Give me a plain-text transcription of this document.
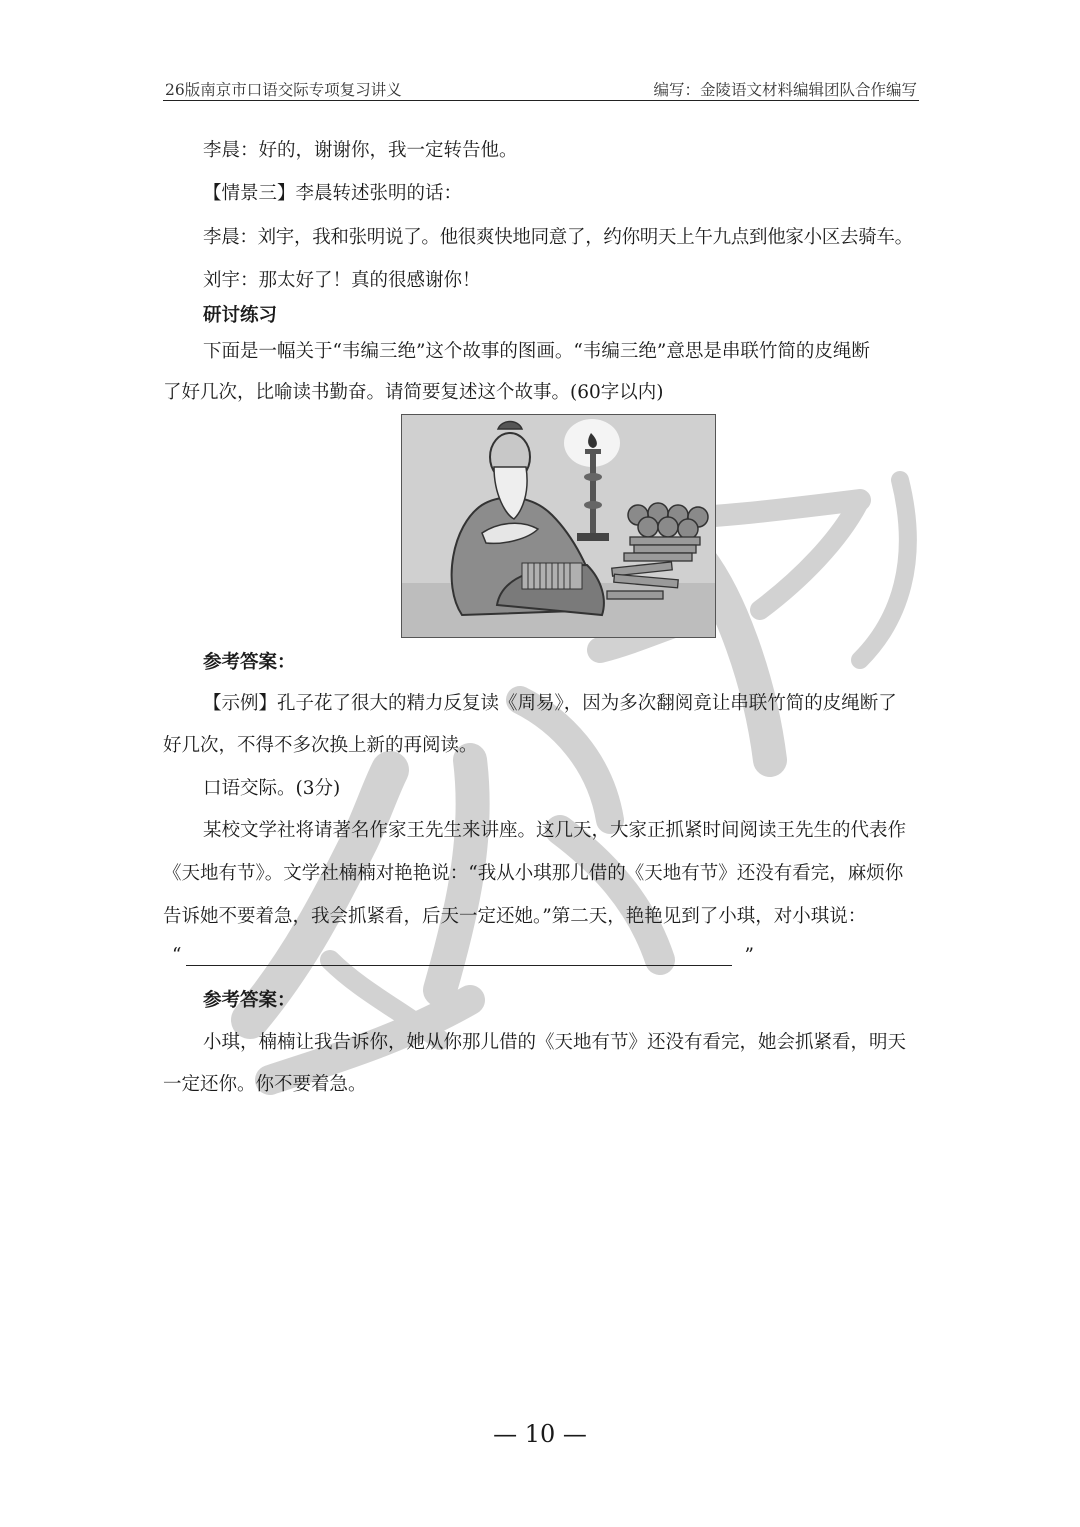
26版南京市口语交际专项复习讲义	编写：金陵语文材料编辑团队合作编写
李晨：好的，谢谢你，我一定转告他。
【情景三】李晨转述张明的话：
李晨：刘宇，我和张明说了。他很爽快地同意了，约你明天上午九点到他家小区去骑车。
刘宇：那太好了！真的很感谢你！
研讨练习
下面是一幅关于“韦编三绝”这个故事的图画。“韦编三绝”意思是串联竹简的皮绳断
了好几次，比喻读书勤奋。请简要复述这个故事。(60字以内)
参考答案：
【示例】孔子花了很大的精力反复读《周易》，因为多次翻阅竟让串联竹简的皮绳断了
好几次，不得不多次换上新的再阅读。
口语交际。(3分)
某校文学社将请著名作家王先生来讲座。这几天，大家正抓紧时间阅读王先生的代表作
《天地有节》。文学社楠楠对艳艳说：“我从小琪那儿借的《天地有节》还没有看完，麻烦你
告诉她不要着急，我会抓紧看，后天一定还她。”第二天，艳艳见到了小琪，对小琪说：
“	”
参考答案：
小琪，楠楠让我告诉你，她从你那儿借的《天地有节》还没有看完，她会抓紧看，明天
一定还你。你不要着急。
— 10 —
